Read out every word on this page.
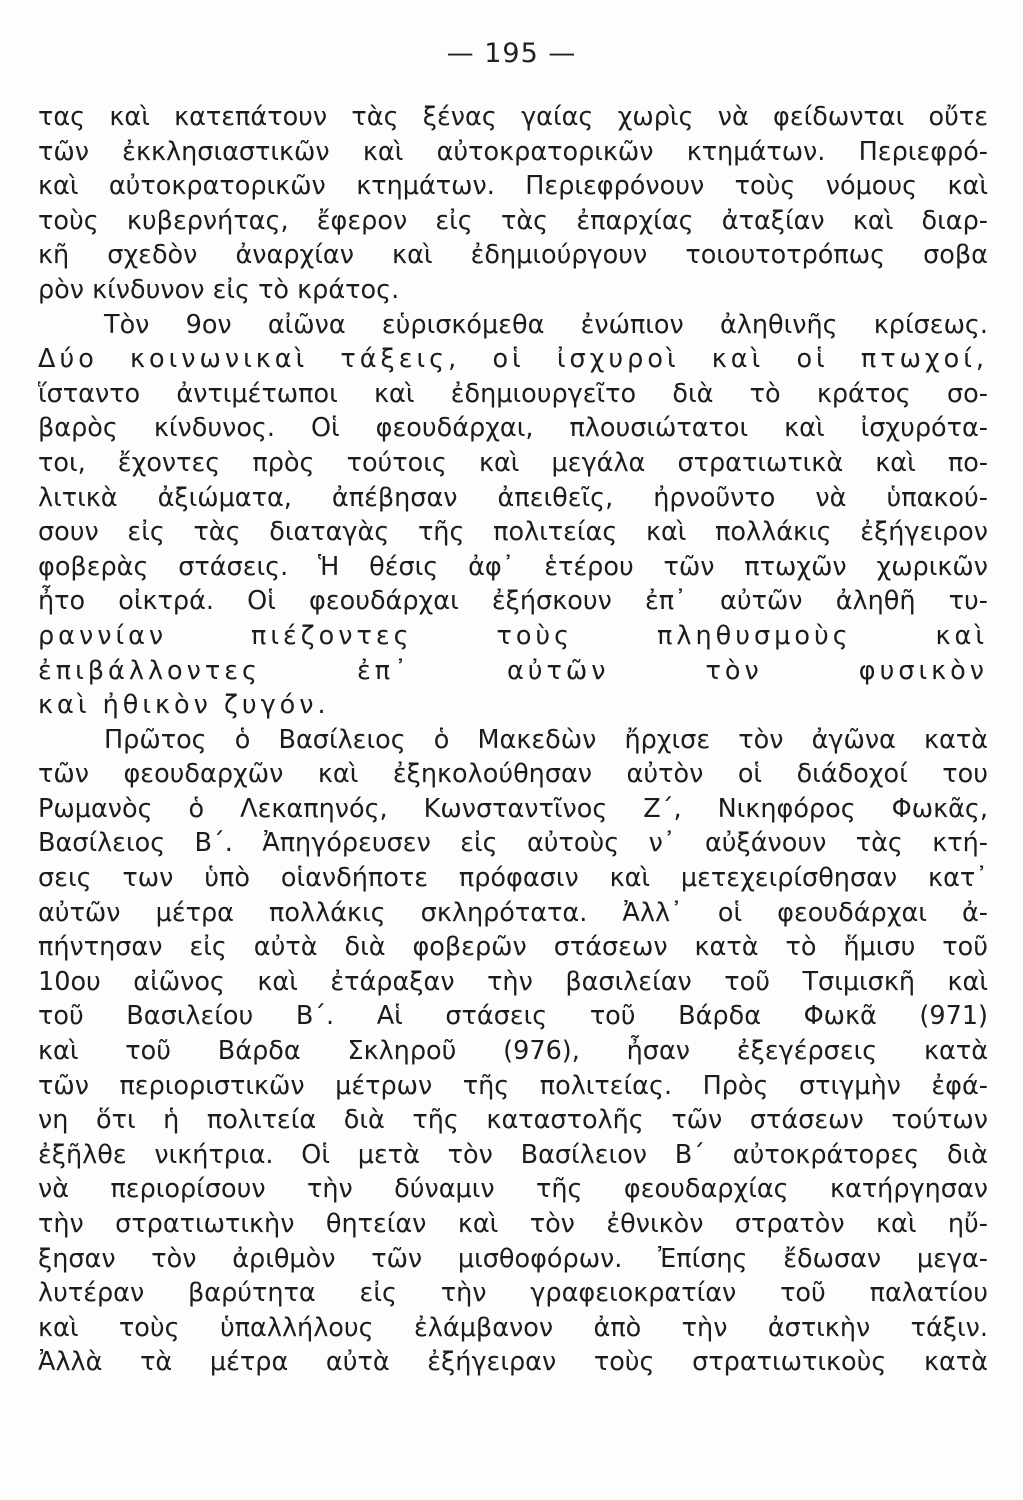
— 195 —
τας καὶ κατεπάτουν τὰς ξένας γαίας χωρὶς νὰ φείδωνται οὔτε
τῶν ἐκκλησιαστικῶν καὶ αὐτοκρατορικῶν κτημάτων. Περιεφρό-
καὶ αὐτοκρατορικῶν κτημάτων. Περιεφρόνουν τοὺς νόμους καὶ
τοὺς κυβερνήτας, ἔφερον εἰς τὰς ἐπαρχίας ἀταξίαν καὶ διαρ-
κῆ σχεδὸν ἀναρχίαν καὶ ἐδημιούργουν τοιουτοτρόπως σοβα
ρὸν κίνδυνον εἰς τὸ κράτος.
Τὸν 9ον αἰῶνα εὑρισκόμεθα ἐνώπιον ἀληθινῆς κρίσεως.
Δύο κοινωνικαὶ τάξεις, οἱ ἰσχυροὶ καὶ οἱ πτωχοί,
ἵσταντο ἀντιμέτωποι καὶ ἐδημιουργεῖτο διὰ τὸ κράτος σο-
βαρὸς κίνδυνος. Οἱ φεουδάρχαι, πλουσιώτατοι καὶ ἰσχυρότα-
τοι, ἔχοντες πρὸς τούτοις καὶ μεγάλα στρατιωτικὰ καὶ πο-
λιτικὰ ἀξιώματα, ἀπέβησαν ἀπειθεῖς, ἠρνοῦντο νὰ ὑπακού-
σουν εἰς τὰς διαταγὰς τῆς πολιτείας καὶ πολλάκις ἐξήγειρον
φοβερὰς στάσεις. Ἡ θέσις ἀφ᾽ ἑτέρου τῶν πτωχῶν χωρικῶν
ἦτο οἰκτρά. Οἱ φεουδάρχαι ἐξήσκουν ἐπ᾽ αὐτῶν ἀληθῆ τυ-
ραννίαν πιέζοντες τοὺς πληθυσμοὺς καὶ
ἐπιβάλλοντες ἐπ᾽ αὐτῶν τὸν φυσικὸν
καὶ ἠθικὸν ζυγόν.
Πρῶτος ὁ Βασίλειος ὁ Μακεδὼν ἤρχισε τὸν ἀγῶνα κατὰ
τῶν φεουδαρχῶν καὶ ἐξηκολούθησαν αὐτὸν οἱ διάδοχοί του
Ρωμανὸς ὁ Λεκαπηνός, Κωνσταντῖνος Ζ΄, Νικηφόρος Φωκᾶς,
Βασίλειος Β΄. Ἀπηγόρευσεν εἰς αὐτοὺς ν᾽ αὐξάνουν τὰς κτή-
σεις των ὑπὸ οἱανδήποτε πρόφασιν καὶ μετεχειρίσθησαν κατ᾽
αὐτῶν μέτρα πολλάκις σκληρότατα. Ἀλλ᾽ οἱ φεουδάρχαι ἀ-
πήντησαν εἰς αὐτὰ διὰ φοβερῶν στάσεων κατὰ τὸ ἥμισυ τοῦ
10ου αἰῶνος καὶ ἐτάραξαν τὴν βασιλείαν τοῦ Τσιμισκῆ καὶ
τοῦ Βασιλείου Β΄. Αἱ στάσεις τοῦ Βάρδα Φωκᾶ (971)
καὶ τοῦ Βάρδα Σκληροῦ (976), ἦσαν ἐξεγέρσεις κατὰ
τῶν περιοριστικῶν μέτρων τῆς πολιτείας. Πρὸς στιγμὴν ἐφά-
νη ὅτι ἡ πολιτεία διὰ τῆς καταστολῆς τῶν στάσεων τούτων
ἐξῆλθε νικήτρια. Οἱ μετὰ τὸν Βασίλειον Β΄ αὐτοκράτορες διὰ
νὰ περιορίσουν τὴν δύναμιν τῆς φεουδαρχίας κατήργησαν
τὴν στρατιωτικὴν θητείαν καὶ τὸν ἐθνικὸν στρατὸν καὶ ηὔ-
ξησαν τὸν ἀριθμὸν τῶν μισθοφόρων. Ἐπίσης ἔδωσαν μεγα-
λυτέραν βαρύτητα εἰς τὴν γραφειοκρατίαν τοῦ παλατίου
καὶ τοὺς ὑπαλλήλους ἐλάμβανον ἀπὸ τὴν ἀστικὴν τάξιν.
Ἀλλὰ τὰ μέτρα αὐτὰ ἐξήγειραν τοὺς στρατιωτικοὺς κατὰ
